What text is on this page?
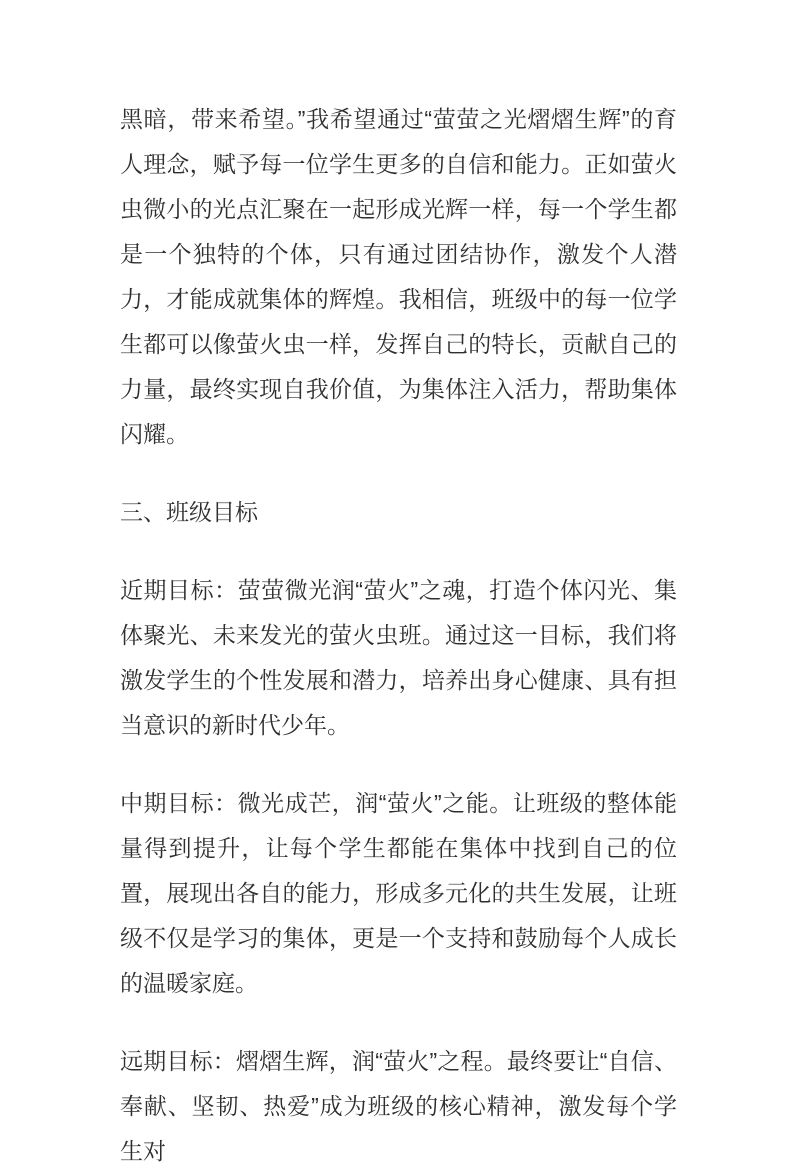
黑暗，带来希望。”我希望通过“萤萤之光熠熠生辉”的育人理念，赋予每一位学生更多的自信和能力。正如萤火虫微小的光点汇聚在一起形成光辉一样，每一个学生都是一个独特的个体，只有通过团结协作，激发个人潜力，才能成就集体的辉煌。我相信，班级中的每一位学生都可以像萤火虫一样，发挥自己的特长，贡献自己的力量，最终实现自我价值，为集体注入活力，帮助集体闪耀。

三、班级目标

近期目标：萤萤微光润“萤火”之魂，打造个体闪光、集体聚光、未来发光的萤火虫班。通过这一目标，我们将激发学生的个性发展和潜力，培养出身心健康、具有担当意识的新时代少年。

中期目标：微光成芒，润“萤火”之能。让班级的整体能量得到提升，让每个学生都能在集体中找到自己的位置，展现出各自的能力，形成多元化的共生发展，让班级不仅是学习的集体，更是一个支持和鼓励每个人成长的温暖家庭。

远期目标：熠熠生辉，润“萤火”之程。最终要让“自信、奉献、坚韧、热爱”成为班级的核心精神，激发每个学生对
